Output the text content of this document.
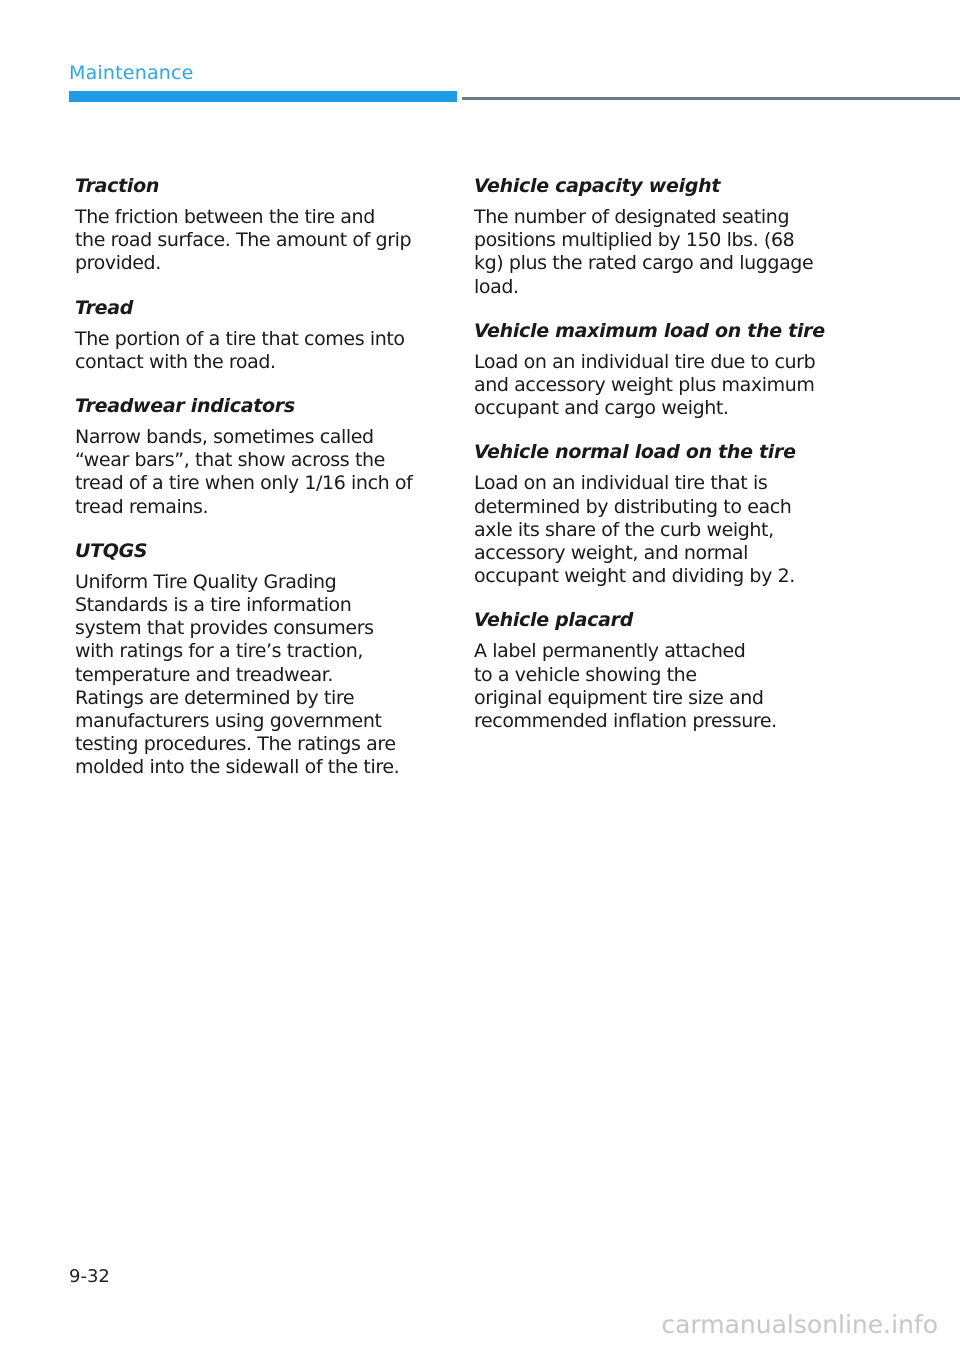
Maintenance
Traction

The friction between the tire and
the road surface. The amount of grip
provided.

Tread

The portion of a tire that comes into
contact with the road.

Treadwear indicators

Narrow bands, sometimes called
“wear bars”, that show across the
tread of a tire when only 1/16 inch of
tread remains.

UTQGS

Uniform Tire Quality Grading
Standards is a tire information
system that provides consumers
with ratings for a tire’s traction,
temperature and treadwear.
Ratings are determined by tire
manufacturers using government
testing procedures. The ratings are
molded into the sidewall of the tire.

Vehicle capacity weight

The number of designated seating
positions multiplied by 150 lbs. (68
kg) plus the rated cargo and luggage
load.

Vehicle maximum load on the tire

Load on an individual tire due to curb
and accessory weight plus maximum
occupant and cargo weight.

Vehicle normal load on the tire

Load on an individual tire that is
determined by distributing to each
axle its share of the curb weight,
accessory weight, and normal
occupant weight and dividing by 2.

Vehicle placard

A label permanently attached
to a vehicle showing the
original equipment tire size and
recommended inflation pressure.

9-32
carmanualsonline.info
